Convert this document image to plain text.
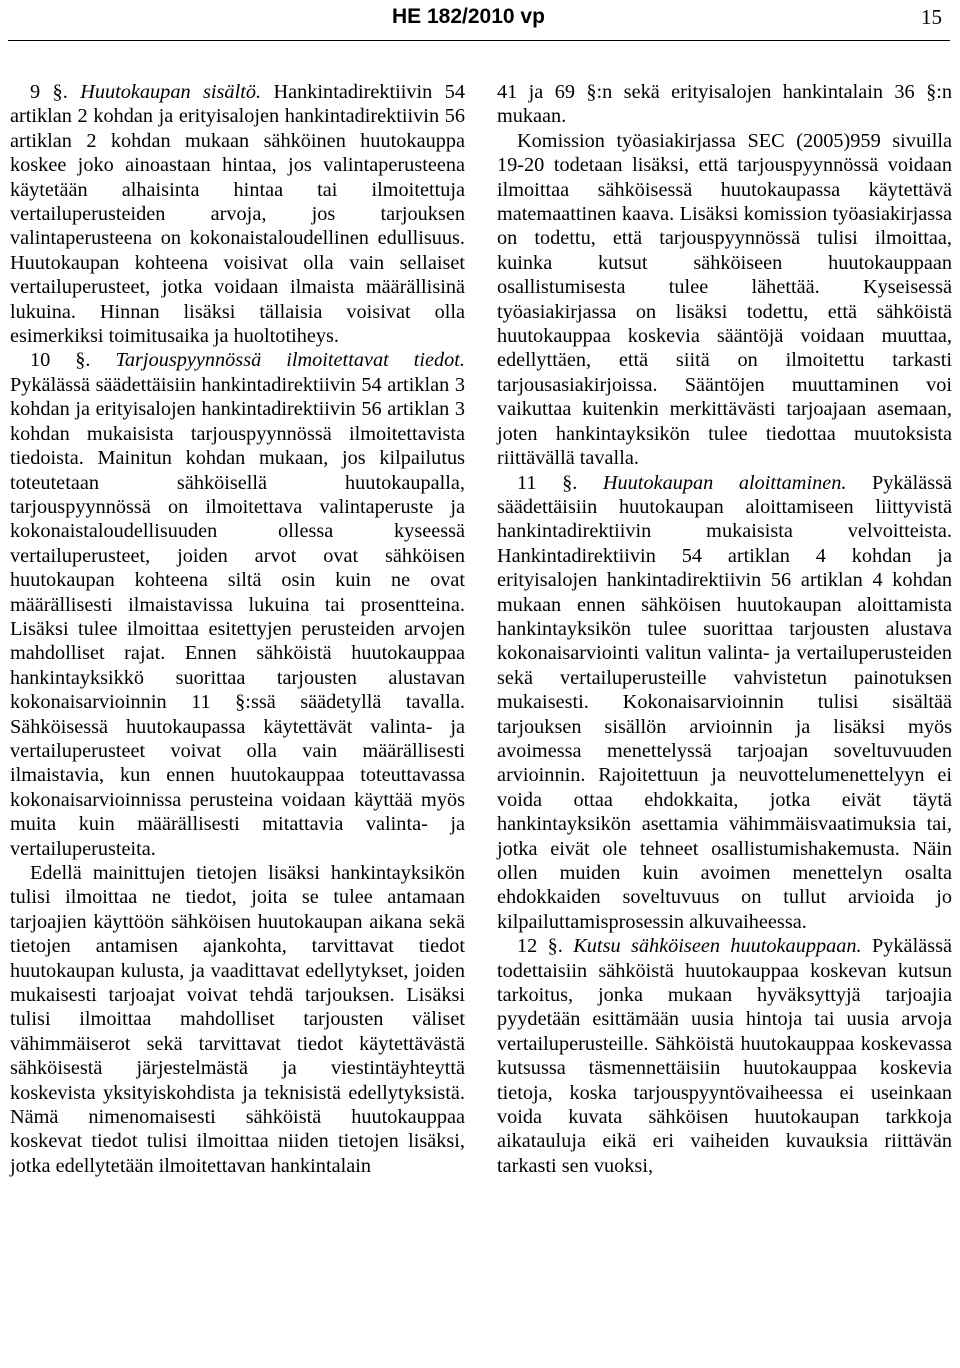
HE 182/2010 vp	15

9 §. Huutokaupan sisältö. Hankintadirektiivin 54 artiklan 2 kohdan ja erityisalojen hankintadirektiivin 56 artiklan 2 kohdan mukaan sähköinen huutokauppa koskee joko ainoastaan hintaa, jos valintaperusteena käytetään alhaisinta hintaa tai ilmoitettuja vertailuperusteiden arvoja, jos tarjouksen valintaperusteena on kokonaistaloudellinen edullisuus. Huutokaupan kohteena voisivat olla vain sellaiset vertailuperusteet, jotka voidaan ilmaista määrällisinä lukuina. Hinnan lisäksi tällaisia voisivat olla esimerkiksi toimitusaika ja huoltotiheys.

10 §. Tarjouspyynnössä ilmoitettavat tiedot. Pykälässä säädettäisiin hankintadirektiivin 54 artiklan 3 kohdan ja erityisalojen hankintadirektiivin 56 artiklan 3 kohdan mukaisista tarjouspyynnössä ilmoitettavista tiedoista. Mainitun kohdan mukaan, jos kilpailutus toteutetaan sähköisellä huutokaupalla, tarjouspyynnössä on ilmoitettava valintaperuste ja kokonaistaloudellisuuden ollessa kyseessä vertailuperusteet, joiden arvot ovat sähköisen huutokaupan kohteena siltä osin kuin ne ovat määrällisesti ilmaistavissa lukuina tai prosentteina. Lisäksi tulee ilmoittaa esitettyjen perusteiden arvojen mahdolliset rajat. Ennen sähköistä huutokauppaa hankintayksikkö suorittaa tarjousten alustavan kokonaisarvioinnin 11 §:ssä säädetyllä tavalla. Sähköisessä huutokaupassa käytettävät valinta- ja vertailuperusteet voivat olla vain määrällisesti ilmaistavia, kun ennen huutokauppaa toteuttavassa kokonaisarvioinnissa perusteina voidaan käyttää myös muita kuin määrällisesti mitattavia valinta- ja vertailuperusteita.

Edellä mainittujen tietojen lisäksi hankintayksikön tulisi ilmoittaa ne tiedot, joita se tulee antamaan tarjoajien käyttöön sähköisen huutokaupan aikana sekä tietojen antamisen ajankohta, tarvittavat tiedot huutokaupan kulusta, ja vaadittavat edellytykset, joiden mukaisesti tarjoajat voivat tehdä tarjouksen. Lisäksi tulisi ilmoittaa mahdolliset tarjousten väliset vähimmäiserot sekä tarvittavat tiedot käytettävästä sähköisestä järjestelmästä ja viestintäyhteyttä koskevista yksityiskohdista ja teknisistä edellytyksistä. Nämä nimenomaisesti sähköistä huutokauppaa koskevat tiedot tulisi ilmoittaa niiden tietojen lisäksi, jotka edellytetään ilmoitettavan hankintalain

41 ja 69 §:n sekä erityisalojen hankintalain 36 §:n mukaan.

Komission työasiakirjassa SEC (2005)959 sivuilla 19-20 todetaan lisäksi, että tarjouspyynnössä voidaan ilmoittaa sähköisessä huutokaupassa käytettävä matemaattinen kaava. Lisäksi komission työasiakirjassa on todettu, että tarjouspyynnössä tulisi ilmoittaa, kuinka kutsut sähköiseen huutokauppaan osallistumisesta tulee lähettää. Kyseisessä työasiakirjassa on lisäksi todettu, että sähköistä huutokauppaa koskevia sääntöjä voidaan muuttaa, edellyttäen, että siitä on ilmoitettu tarkasti tarjousasiakirjoissa. Sääntöjen muuttaminen voi vaikuttaa kuitenkin merkittävästi tarjoajaan asemaan, joten hankintayksikön tulee tiedottaa muutoksista riittävällä tavalla.

11 §. Huutokaupan aloittaminen. Pykälässä säädettäisiin huutokaupan aloittamiseen liittyvistä hankintadirektiivin mukaisista velvoitteista. Hankintadirektiivin 54 artiklan 4 kohdan ja erityisalojen hankintadirektiivin 56 artiklan 4 kohdan mukaan ennen sähköisen huutokaupan aloittamista hankintayksikön tulee suorittaa tarjousten alustava kokonaisarviointi valitun valinta- ja vertailuperusteiden sekä vertailuperusteille vahvistetun painotuksen mukaisesti. Kokonaisarvioinnin tulisi sisältää tarjouksen sisällön arvioinnin ja lisäksi myös avoimessa menettelyssä tarjoajan soveltuvuuden arvioinnin. Rajoitettuun ja neuvottelumenettelyyn ei voida ottaa ehdokkaita, jotka eivät täytä hankintayksikön asettamia vähimmäisvaatimuksia tai, jotka eivät ole tehneet osallistumishakemusta. Näin ollen muiden kuin avoimen menettelyn osalta ehdokkaiden soveltuvuus on tullut arvioida jo kilpailuttamisprosessin alkuvaiheessa.

12 §. Kutsu sähköiseen huutokauppaan. Pykälässä todettaisiin sähköistä huutokauppaa koskevan kutsun tarkoitus, jonka mukaan hyväksyttyjä tarjoajia pyydetään esittämään uusia hintoja tai uusia arvoja vertailuperusteille. Sähköistä huutokauppaa koskevassa kutsussa täsmennettäisiin huutokauppaa koskevia tietoja, koska tarjouspyyntövaiheessa ei useinkaan voida kuvata sähköisen huutokaupan tarkkoja aikatauluja eikä eri vaiheiden kuvauksia riittävän tarkasti sen vuoksi,
